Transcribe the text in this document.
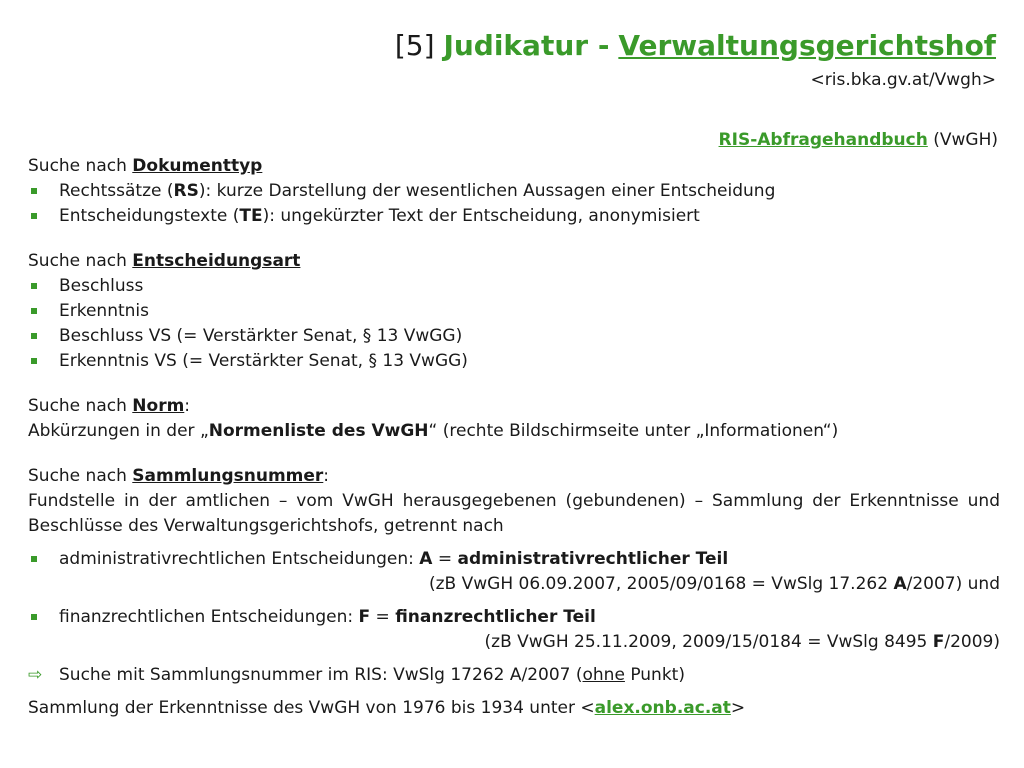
[5] Judikatur - Verwaltungsgerichtshof
<ris.bka.gv.at/Vwgh>
RIS-Abfragehandbuch (VwGH)

Suche nach Dokumenttyp

Rechtssätze (RS): kurze Darstellung der wesentlichen Aussagen einer Entscheidung
Entscheidungstexte (TE): ungekürzter Text der Entscheidung, anonymisiert

Suche nach Entscheidungsart

Beschluss
Erkenntnis
Beschluss VS (= Verstärkter Senat, § 13 VwGG)
Erkenntnis VS (= Verstärkter Senat, § 13 VwGG)

Suche nach Norm:

Abkürzungen in der „Normenliste des VwGH“ (rechte Bildschirmseite unter „Informationen“)

Suche nach Sammlungsnummer:

Fundstelle in der amtlichen – vom VwGH herausgegebenen (gebundenen) – Sammlung der Erkenntnisse und Beschlüsse des Verwaltungsgerichtshofs, getrennt nach

administrativrechtlichen Entscheidungen: A = administrativrechtlicher Teil

(zB VwGH 06.09.2007, 2005/09/0168 = VwSlg 17.262 A/2007) und

finanzrechtlichen Entscheidungen: F = finanzrechtlicher Teil

(zB VwGH 25.11.2009, 2009/15/0184 = VwSlg 8495 F/2009)

⇨ Suche mit Sammlungsnummer im RIS: VwSlg 17262 A/2007 (ohne Punkt)

Sammlung der Erkenntnisse des VwGH von 1976 bis 1934 unter <alex.onb.ac.at>
